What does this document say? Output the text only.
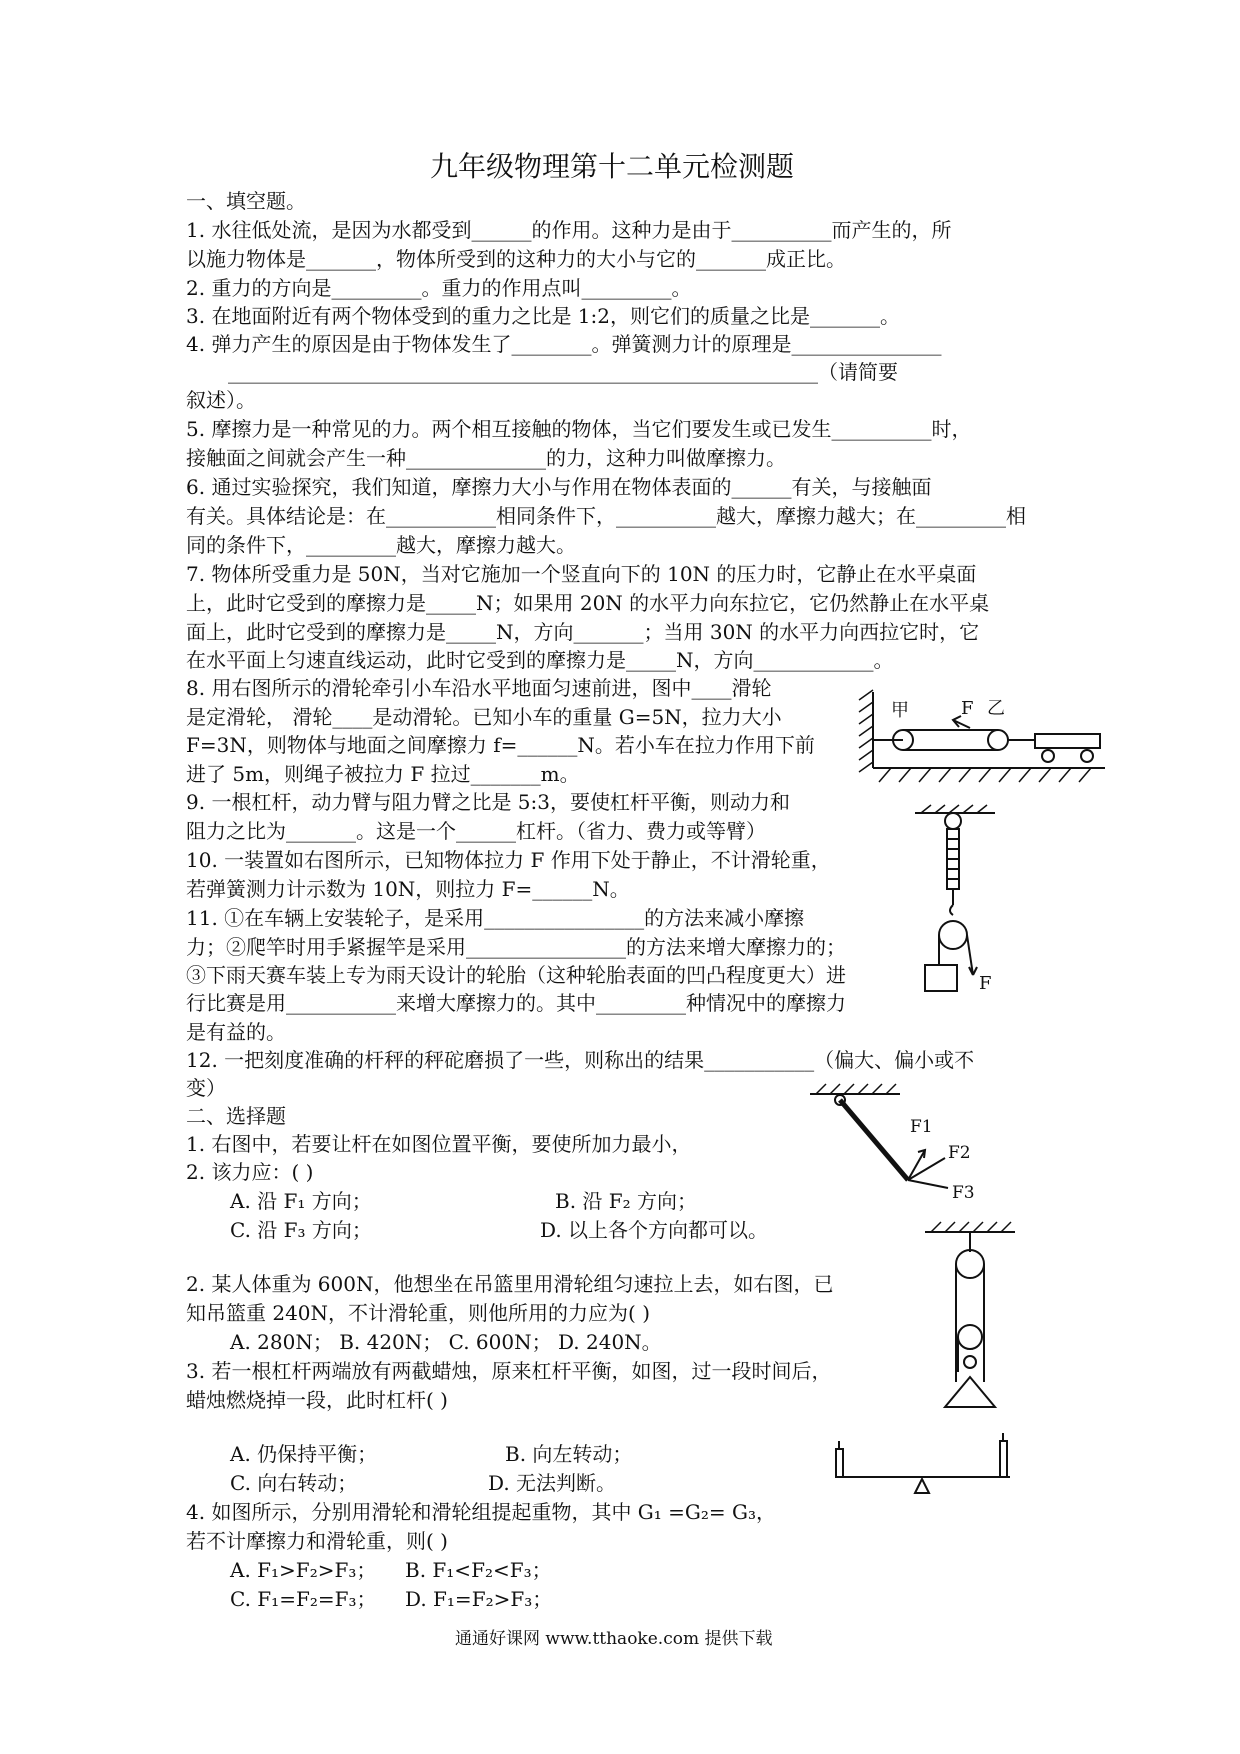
九年级物理第十二单元检测题
一、填空题。
1. 水往低处流，是因为水都受到______的作用。这种力是由于__________而产生的，所
以施力物体是_______，物体所受到的这种力的大小与它的_______成正比。
2. 重力的方向是_________。重力的作用点叫_________。
3. 在地面附近有两个物体受到的重力之比是 1:2，则它们的质量之比是_______。
4. 弹力产生的原因是由于物体发生了________。弹簧测力计的原理是_______________
___________________________________________________________（请简要
叙述）。
5. 摩擦力是一种常见的力。两个相互接触的物体，当它们要发生或已发生__________时，
接触面之间就会产生一种______________的力，这种力叫做摩擦力。
6. 通过实验探究，我们知道，摩擦力大小与作用在物体表面的______有关，与接触面
有关。具体结论是：在___________相同条件下，__________越大，摩擦力越大；在_________相
同的条件下，_________越大，摩擦力越大。
7. 物体所受重力是 50N，当对它施加一个竖直向下的 10N 的压力时，它静止在水平桌面
上，此时它受到的摩擦力是_____N；如果用 20N 的水平力向东拉它，它仍然静止在水平桌
面上，此时它受到的摩擦力是_____N，方向_______；当用 30N 的水平力向西拉它时，它
在水平面上匀速直线运动，此时它受到的摩擦力是_____N，方向____________。
8. 用右图所示的滑轮牵引小车沿水平地面匀速前进，图中____滑轮
是定滑轮， 滑轮____是动滑轮。已知小车的重量 G=5N，拉力大小
F=3N，则物体与地面之间摩擦力 f=______N。若小车在拉力作用下前
进了 5m，则绳子被拉力 F 拉过_______m。
9. 一根杠杆，动力臂与阻力臂之比是 5:3，要使杠杆平衡，则动力和
阻力之比为_______。这是一个______杠杆。（省力、费力或等臂）
10. 一装置如右图所示，已知物体拉力 F 作用下处于静止，不计滑轮重，
若弹簧测力计示数为 10N，则拉力 F=______N。
11. ①在车辆上安装轮子，是采用________________的方法来减小摩擦
力；②爬竿时用手紧握竿是采用________________的方法来增大摩擦力的；
③下雨天赛车装上专为雨天设计的轮胎（这种轮胎表面的凹凸程度更大）进
行比赛是用___________来增大摩擦力的。其中_________种情况中的摩擦力
是有益的。
12. 一把刻度准确的杆秤的秤砣磨损了一些，则称出的结果___________（偏大、偏小或不
变）
二、选择题
1. 右图中，若要让杆在如图位置平衡，要使所加力最小，
2. 该力应：( )
A. 沿 F₁ 方向；	B. 沿 F₂ 方向；
C. 沿 F₃ 方向；	D. 以上各个方向都可以。
2. 某人体重为 600N，他想坐在吊篮里用滑轮组匀速拉上去，如右图，已
知吊篮重 240N，不计滑轮重，则他所用的力应为( )
A. 280N； B. 420N； C. 600N； D. 240N。
3. 若一根杠杆两端放有两截蜡烛，原来杠杆平衡，如图，过一段时间后，
蜡烛燃烧掉一段，此时杠杆( )
A. 仍保持平衡；	B. 向左转动；
C. 向右转动；	D. 无法判断。
4. 如图所示，分别用滑轮和滑轮组提起重物，其中 G₁ =G₂= G₃，
若不计摩擦力和滑轮重，则( )
A. F₁>F₂>F₃； B. F₁<F₂<F₃；
C. F₁=F₂=F₃； D. F₁=F₂>F₃；
通通好课网 www.tthaoke.com 提供下载
甲	F 乙
F
F1
F2
F3
